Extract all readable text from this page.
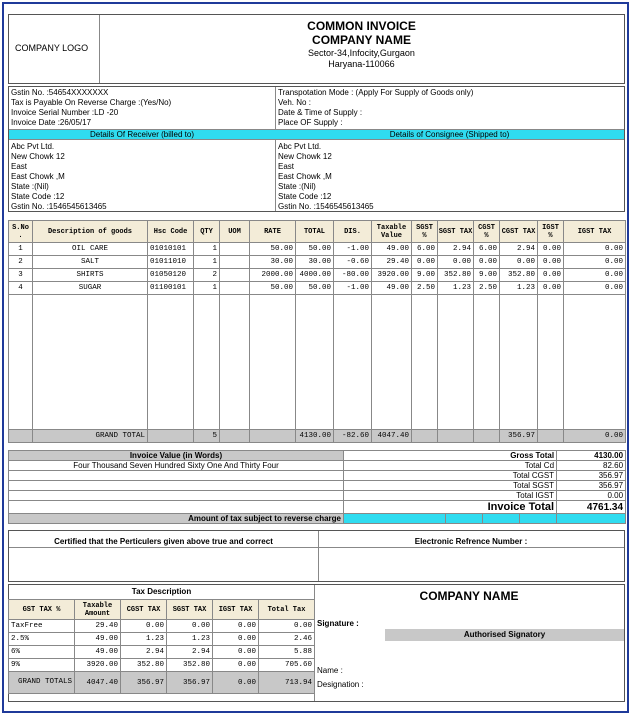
COMPANY LOGO
COMMON INVOICE
COMPANY NAME
Sector-34,Infocity,Gurgaon
Haryana-110066
Gstin No. :54654XXXXXXX
Tax is Payable On Reverse Charge :(Yes/No)
Invoice Serial Number :LD -20
Invoice Date :26/05/17
Transpotation Mode : (Apply For Supply of Goods only)
Veh. No :
Date & Time of Supply :
Place OF Supply :
Details Of Receiver (billed to)	Details of Consignee (Shipped to)
Abc Pvt Ltd.
New Chowk 12
East
East Chowk ,M
State :(Nil)
State Code :12
Gstin No. :1546545613465
Abc Pvt Ltd.
New Chowk 12
East
East Chowk ,M
State :(Nil)
State Code :12
Gstin No. :1546545613465
S.No .	Description of goods	Hsc Code	QTY	UOM	RATE	TOTAL	DIS.	Taxable Value	SGST %	SGST TAX	CGST %	CGST TAX	IGST %	IGST TAX
1	OIL CARE	01010101	1		50.00	50.00	-1.00	49.00	6.00	2.94	6.00	2.94	0.00	0.00
2	SALT	01011010	1		30.00	30.00	-0.60	29.40	0.00	0.00	0.00	0.00	0.00	0.00
3	SHIRTS	01050120	2		2000.00	4000.00	-80.00	3920.00	9.00	352.80	9.00	352.80	0.00	0.00
4	SUGAR	01100101	1		50.00	50.00	-1.00	49.00	2.50	1.23	2.50	1.23	0.00	0.00

	GRAND TOTAL		5			4130.00	-82.60	4047.40				356.97		0.00
Invoice Value (in Words)	Gross Total				4130.00
Four Thousand Seven Hundred Sixty One And Thirty Four	Total Cd				82.60
	Total CGST				356.97
	Total SGST				356.97
	Total IGST				0.00
	Invoice Total				4761.34
Amount of tax subject to reverse charge					
Certified that the Perticulers given above true and correct	Electronic Refrence Number :
Tax Description	COMPANY NAME
Signature :
Authorised Signatory
Name :
Designation :
GST TAX %	Taxable Amount	CGST TAX	SGST TAX	IGST TAX	Total Tax
TaxFree	29.40	0.00	0.00	0.00	0.00
2.5%	49.00	1.23	1.23	0.00	2.46
6%	49.00	2.94	2.94	0.00	5.88
9%	3920.00	352.80	352.80	0.00	705.60
GRAND TOTALS	4047.40	356.97	356.97	0.00	713.94
